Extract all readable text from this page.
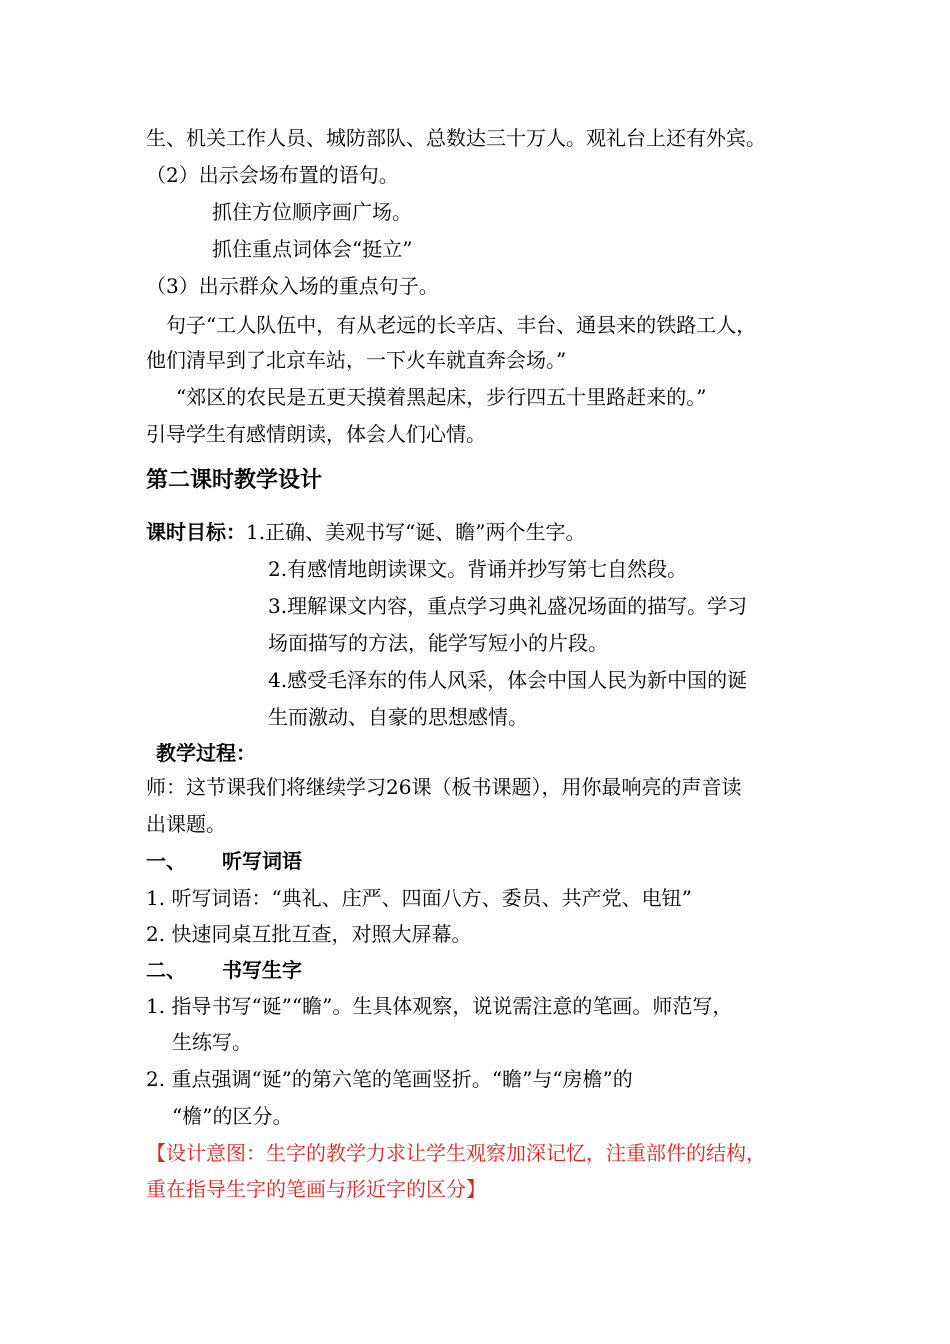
生、机关工作人员、城防部队、总数达三十万人。观礼台上还有外宾。
（2）出示会场布置的语句。
抓住方位顺序画广场。
抓住重点词体会“挺立”
（3）出示群众入场的重点句子。
句子“工人队伍中，有从老远的长辛店、丰台、通县来的铁路工人，
他们清早到了北京车站，一下火车就直奔会场。”
“郊区的农民是五更天摸着黑起床，步行四五十里路赶来的。”
引导学生有感情朗读，体会人们心情。
第二课时教学设计
课时目标：1.正确、美观书写“诞、瞻”两个生字。
2.有感情地朗读课文。背诵并抄写第七自然段。
3.理解课文内容，重点学习典礼盛况场面的描写。学习
场面描写的方法，能学写短小的片段。
4.感受毛泽东的伟人风采，体会中国人民为新中国的诞
生而激动、自豪的思想感情。
教学过程：
师：这节课我们将继续学习26课（板书课题），用你最响亮的声音读
出课题。
一、 听写词语
1. 听写词语：“典礼、庄严、四面八方、委员、共产党、电钮”
2. 快速同桌互批互查，对照大屏幕。
二、 书写生字
1. 指导书写“诞”“瞻”。生具体观察，说说需注意的笔画。师范写，
生练写。
2. 重点强调“诞”的第六笔的笔画竖折。“瞻”与“房檐”的
“檐”的区分。
【设计意图：生字的教学力求让学生观察加深记忆，注重部件的结构，
重在指导生字的笔画与形近字的区分】
